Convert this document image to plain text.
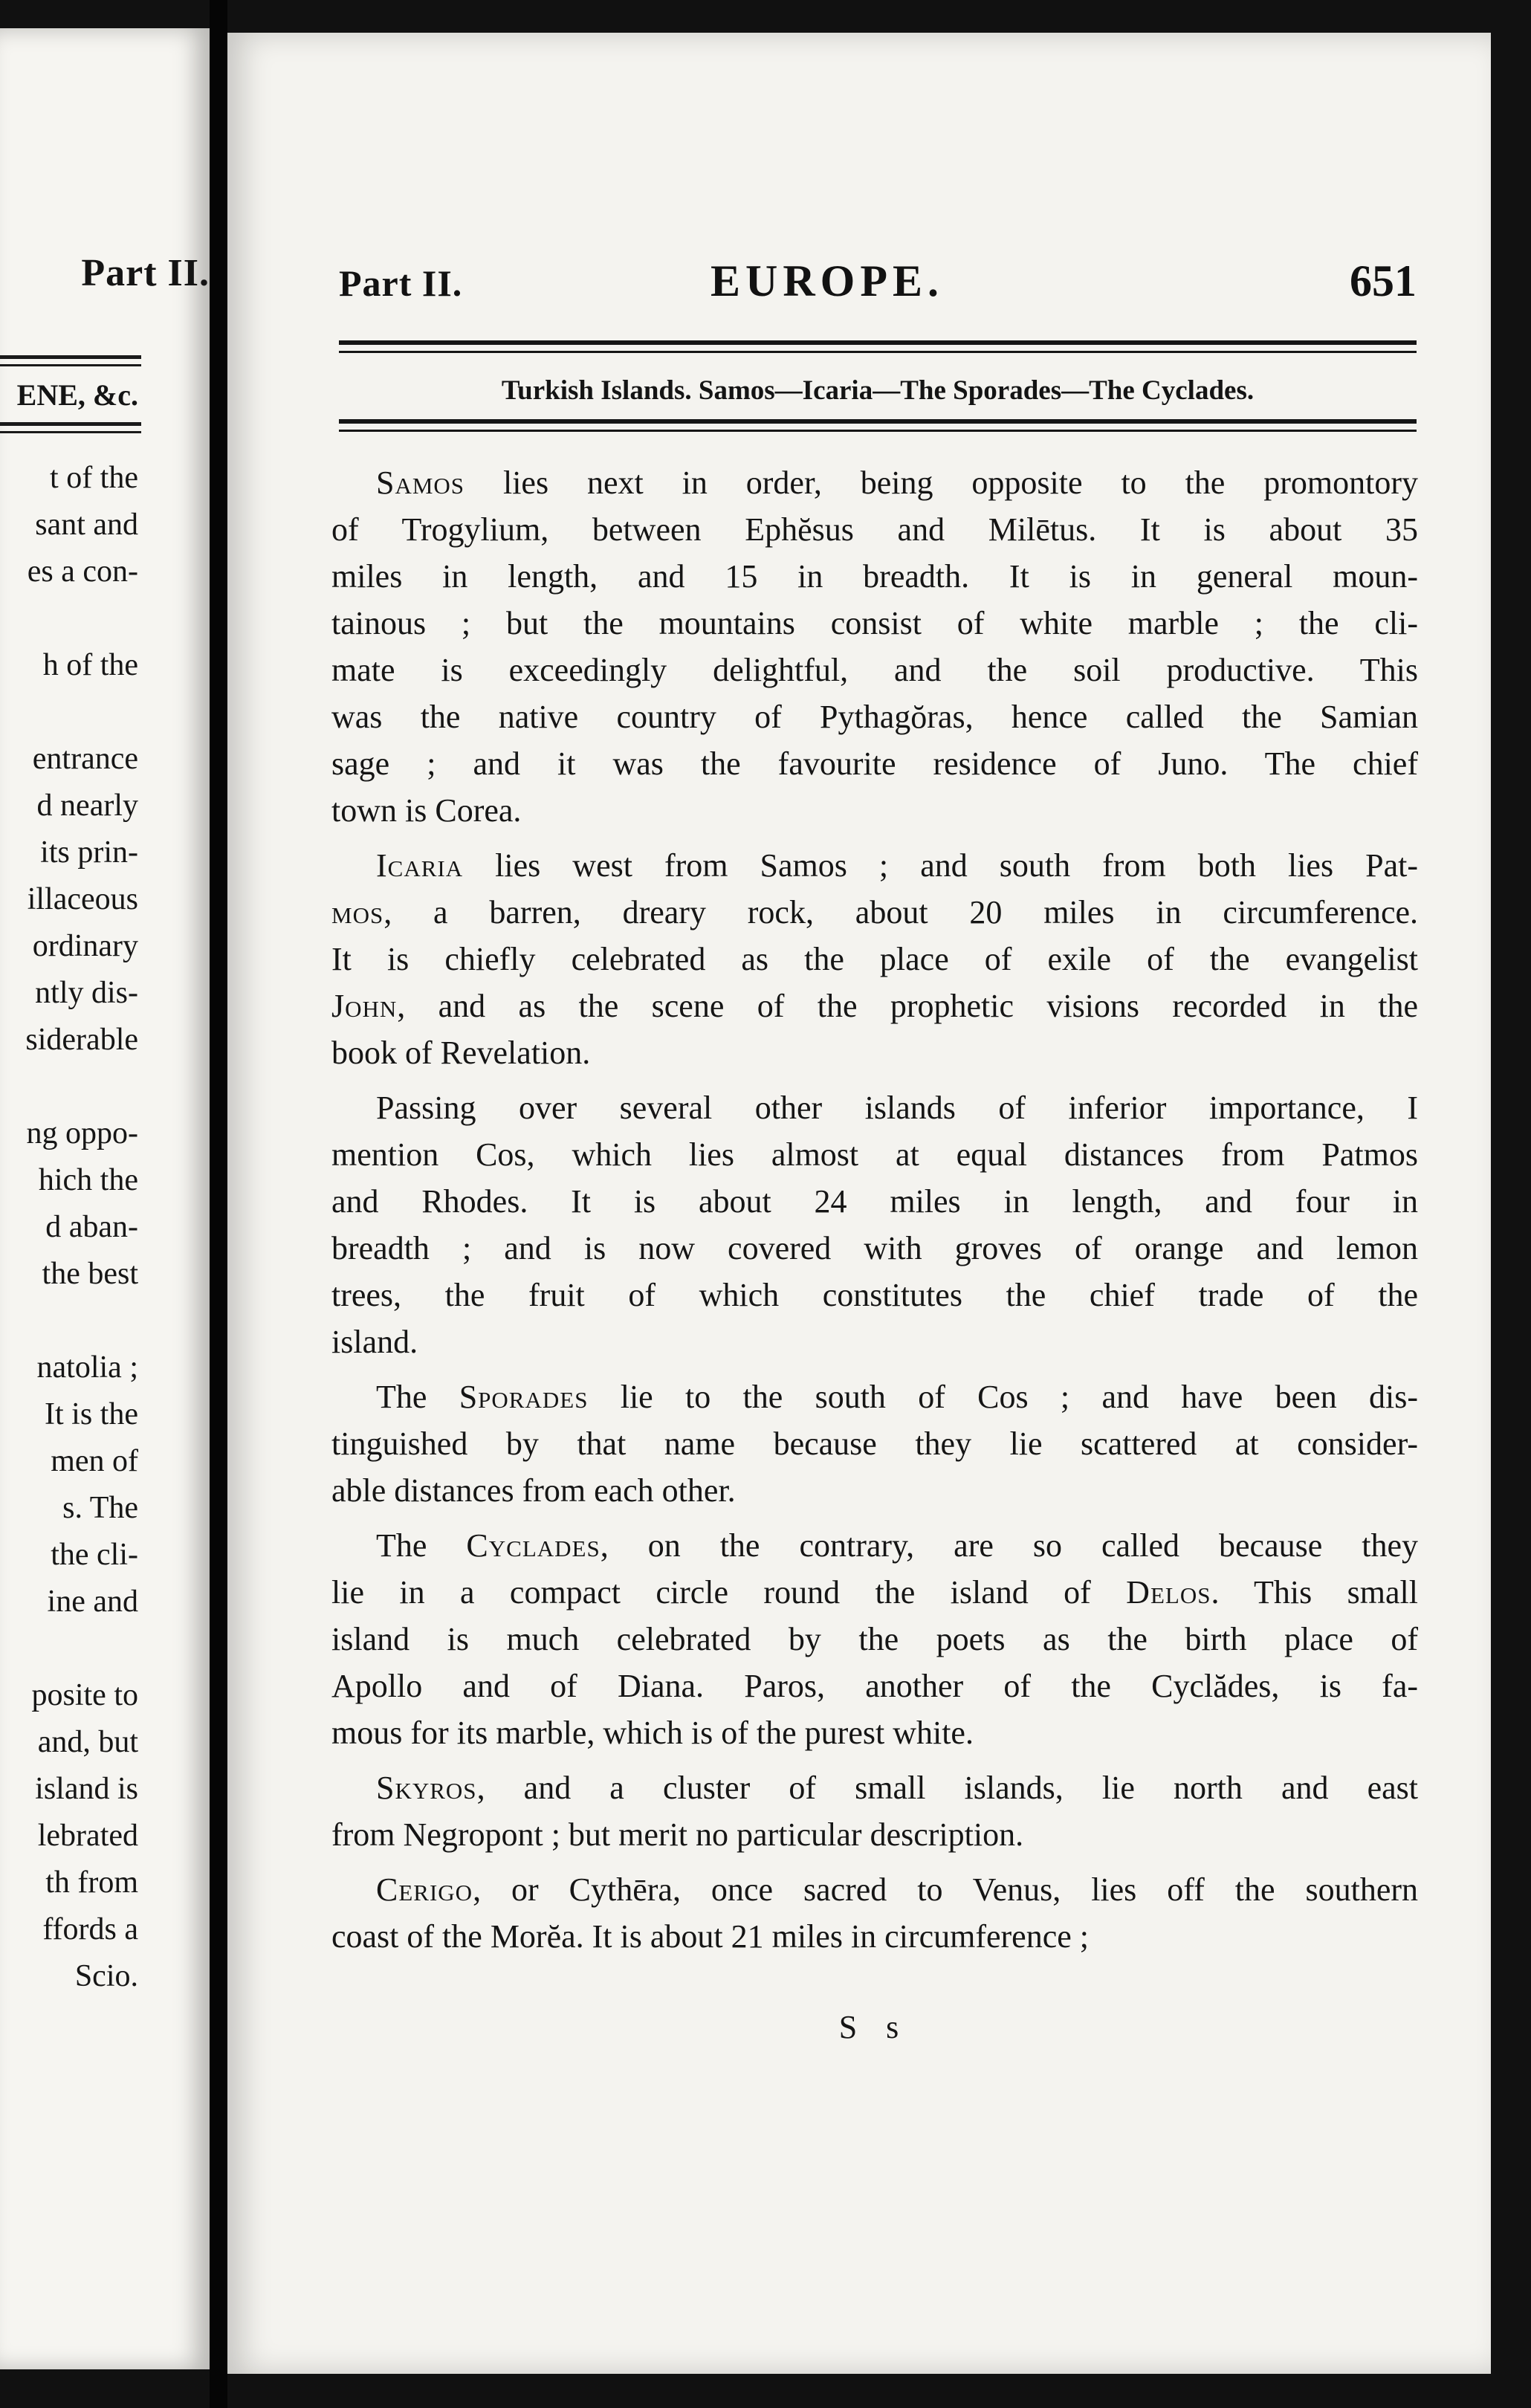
Part II.
ENE, &c.
t of the
sant and
es a con-

h of the

entrance
d nearly
its prin-
illaceous
ordinary
ntly dis-
siderable

ng oppo-
hich the
d aban-
the best

natolia ;
It is the
men of
s. The
the cli-
ine and

posite to
and, but
island is
lebrated
th from
ffords a
Scio.
Part II.	EUROPE.	651
Turkish Islands. Samos—Icaria—The Sporades—The Cyclades.
Samos lies next in order, being opposite to the promontory
of Trogylium, between Ephĕsus and Milētus. It is about 35
miles in length, and 15 in breadth. It is in general moun-
tainous ; but the mountains consist of white marble ; the cli-
mate is exceedingly delightful, and the soil productive. This
was the native country of Pythagŏras, hence called the Samian
sage ; and it was the favourite residence of Juno. The chief
town is Corea.
Icaria lies west from Samos ; and south from both lies Pat-
mos, a barren, dreary rock, about 20 miles in circumference.
It is chiefly celebrated as the place of exile of the evangelist
John, and as the scene of the prophetic visions recorded in the
book of Revelation.
Passing over several other islands of inferior importance, I
mention Cos, which lies almost at equal distances from Patmos
and Rhodes. It is about 24 miles in length, and four in
breadth ; and is now covered with groves of orange and lemon
trees, the fruit of which constitutes the chief trade of the
island.
The Sporades lie to the south of Cos ; and have been dis-
tinguished by that name because they lie scattered at consider-
able distances from each other.
The Cyclades, on the contrary, are so called because they
lie in a compact circle round the island of Delos. This small
island is much celebrated by the poets as the birth place of
Apollo and of Diana. Paros, another of the Cyclădes, is fa-
mous for its marble, which is of the purest white.
Skyros, and a cluster of small islands, lie north and east
from Negropont ; but merit no particular description.
Cerigo, or Cythēra, once sacred to Venus, lies off the southern
coast of the Morĕa. It is about 21 miles in circumference ;
S s
